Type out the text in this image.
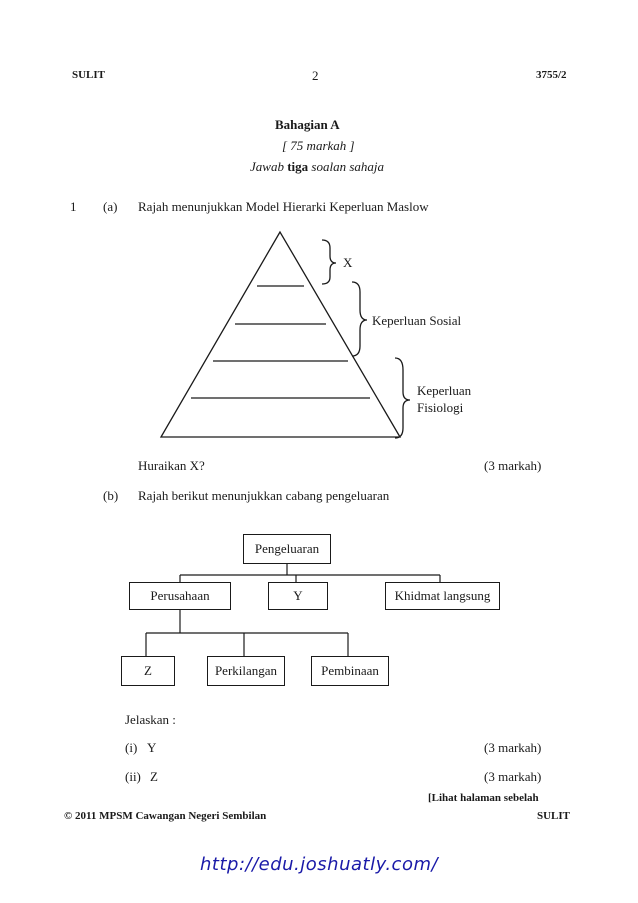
SULIT	2	3755/2
Bahagian A
[ 75 markah ]
Jawab tiga soalan sahaja
1 (a) Rajah menunjukkan Model Hierarki Keperluan Maslow
X
Keperluan Sosial
Keperluan
Fisiologi
Huraikan X?	(3 markah)
(b) Rajah berikut menunjukkan cabang pengeluaran
Pengeluaran
Perusahaan	Y	Khidmat langsung
Z	Perkilangan	Pembinaan
Jelaskan :
(i) Y	(3 markah)
(ii) Z	(3 markah)
[Lihat halaman sebelah
© 2011 MPSM Cawangan Negeri Sembilan	SULIT
http://edu.joshuatly.com/
